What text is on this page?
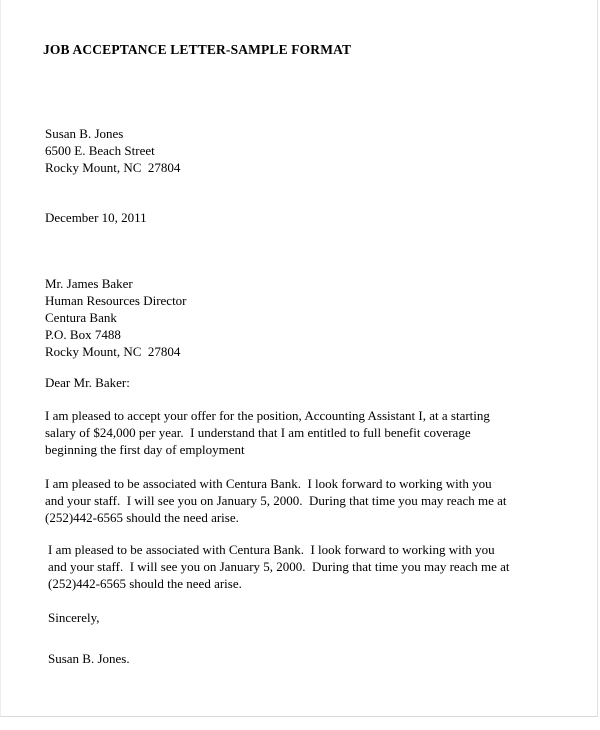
JOB ACCEPTANCE LETTER-SAMPLE FORMAT
Susan B. Jones
6500 E. Beach Street
Rocky Mount, NC  27804
December 10, 2011
Mr. James Baker
Human Resources Director
Centura Bank
P.O. Box 7488
Rocky Mount, NC  27804
Dear Mr. Baker:
I am pleased to accept your offer for the position, Accounting Assistant I, at a starting
salary of $24,000 per year.  I understand that I am entitled to full benefit coverage
beginning the first day of employment
I am pleased to be associated with Centura Bank.  I look forward to working with you
and your staff.  I will see you on January 5, 2000.  During that time you may reach me at
(252)442-6565 should the need arise.
I am pleased to be associated with Centura Bank.  I look forward to working with you
and your staff.  I will see you on January 5, 2000.  During that time you may reach me at
(252)442-6565 should the need arise.
Sincerely,
Susan B. Jones.
